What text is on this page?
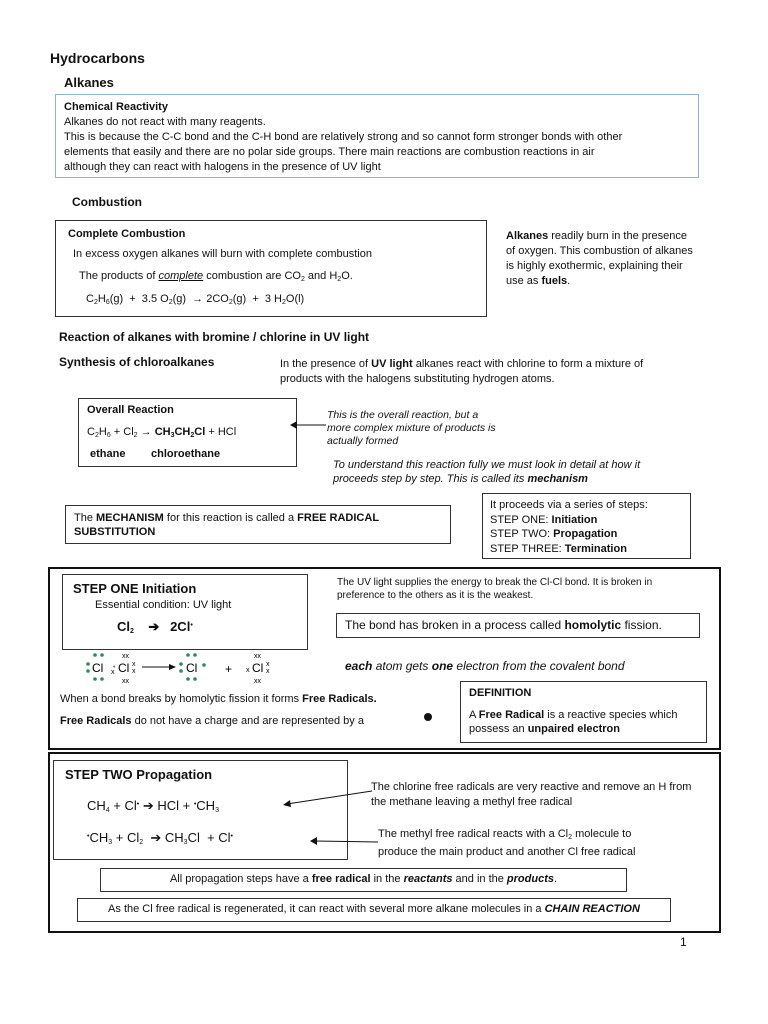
Hydrocarbons
Alkanes
Chemical Reactivity
Alkanes do not react with many reagents.
This is because the C-C bond and the C-H bond are relatively strong and so cannot form stronger bonds with other
elements that easily and there are no polar side groups. There main reactions are combustion reactions in air
although they can react with halogens in the presence of UV light
Combustion
Complete Combustion
In excess oxygen alkanes will burn with complete combustion
The products of complete combustion are $CO_2$ and $H_2O$.
$C_2H_6(g) + 3.5$ $O_2(g) \to 2CO_2(g) + 3$ $H_2O(l)$
Alkanes readily burn in the presence of oxygen. This combustion of alkanes is highly exothermic, explaining their use as fuels.
Reaction of alkanes with bromine / chlorine in UV light
Synthesis of chloroalkanes	In the presence of UV light alkanes react with chlorine to form a mixture of products with the halogens substituting hydrogen atoms.
Overall Reaction
$C_2H_6 + Cl_2 \to CH_3CH_2Cl$ + HCl
ethane chloroethane
This is the overall reaction, but a more complex mixture of products is actually formed
To understand this reaction fully we must look in detail at how it proceeds step by step. This is called its mechanism
The MECHANISM for this reaction is called a FREE RADICAL SUBSTITUTION
It proceeds via a series of steps:
STEP ONE: Initiation
STEP TWO: Propagation
STEP THREE: Termination
STEP ONE Initiation
Essential condition: UV light
$Cl_2$    ➔   2Cl•
The UV light supplies the energy to break the Cl-Cl bond. It is broken in preference to the others as it is the weakest.
The bond has broken in a process called homolytic fission.
Cl Cl
•
x
xx
xx
x
x	Cl + x Cl
xx
xx
x
x	each atom gets one electron from the covalent bond
When a bond breaks by homolytic fission it forms Free Radicals.
Free Radicals do not have a charge and are represented by a
DEFINITION
A Free Radical is a reactive species which possess an unpaired electron
STEP TWO Propagation
$CH_4 + Cl^•$ ➔ HCl + $^•CH_3$
$^•CH_3 + Cl_2$  ➔ $CH_3Cl + Cl^•$
The chlorine free radicals are very reactive and remove an H from the methane leaving a methyl free radical
The methyl free radical reacts with a $Cl_2$ molecule to produce the main product and another Cl free radical
All propagation steps have a free radical in the reactants and in the products.
As the Cl free radical is regenerated, it can react with several more alkane molecules in a CHAIN REACTION
1
